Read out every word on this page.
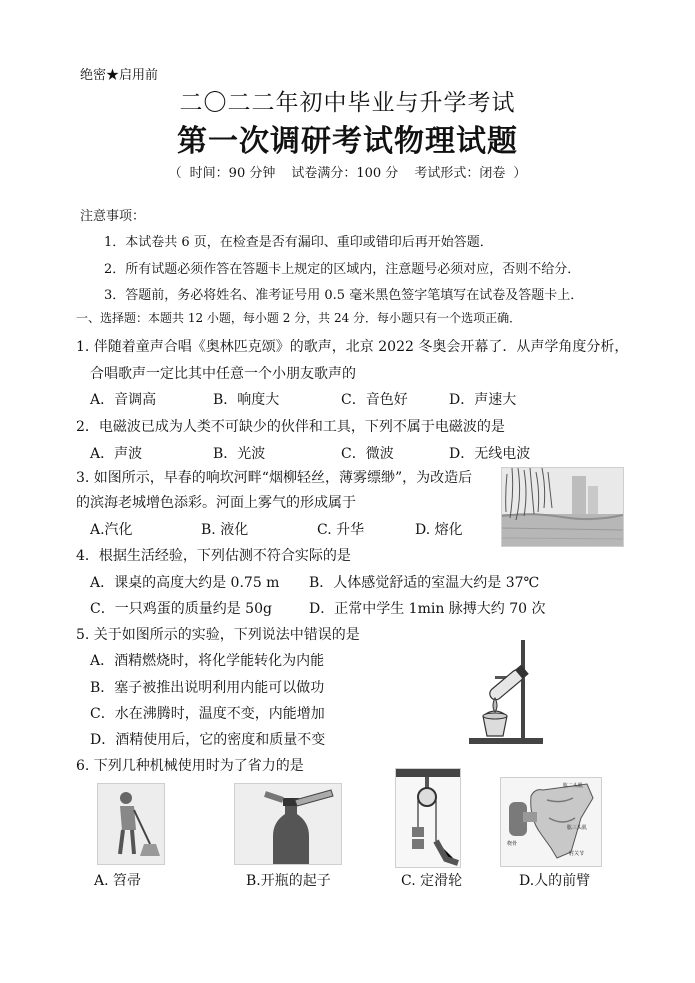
绝密★启用前
二〇二二年初中毕业与升学考试
第一次调研考试物理试题
（ 时间：90 分钟 试卷满分：100 分 考试形式：闭卷 ）
注意事项：
1．本试卷共 6 页，在检查是否有漏印、重印或错印后再开始答题．
2．所有试题必须作答在答题卡上规定的区域内，注意题号必须对应，否则不给分．
3．答题前，务必将姓名、准考证号用 0.5 毫米黑色签字笔填写在试卷及答题卡上．
一、选择题：本题共 12 小题，每小题 2 分，共 24 分．每小题只有一个选项正确．
1. 伴随着童声合唱《奥林匹克颂》的歌声，北京 2022 冬奥会开幕了．从声学角度分析，
合唱歌声一定比其中任意一个小朋友歌声的
A．音调高	B．响度大	C．音色好	D．声速大
2．电磁波已成为人类不可缺少的伙伴和工具，下列不属于电磁波的是
A．声波	B．光波	C．微波	D．无线电波
3. 如图所示，早春的响坎河畔“烟柳轻丝，薄雾缥缈”，为改造后
的滨海老城增色添彩。河面上雾气的形成属于
A.汽化	B. 液化	C. 升华	D. 熔化
4．根据生活经验，下列估测不符合实际的是
A．课桌的高度大约是 0.75 m B．人体感觉舒适的室温大约是 37℃
C．一只鸡蛋的质量约是 50g	D．正常中学生 1min 脉搏大约 70 次
5. 关于如图所示的实验，下列说法中错误的是
A．酒精燃烧时，将化学能转化为内能
B．塞子被推出说明利用内能可以做功
C．水在沸腾时，温度不变，内能增加
D．酒精使用后，它的密度和质量不变
6. 下列几种机械使用时为了省力的是
肱二头肌
肱三头肌
桡骨
肘关节
A. 笤帚	B.开瓶的起子	C. 定滑轮	D.人的前臂
